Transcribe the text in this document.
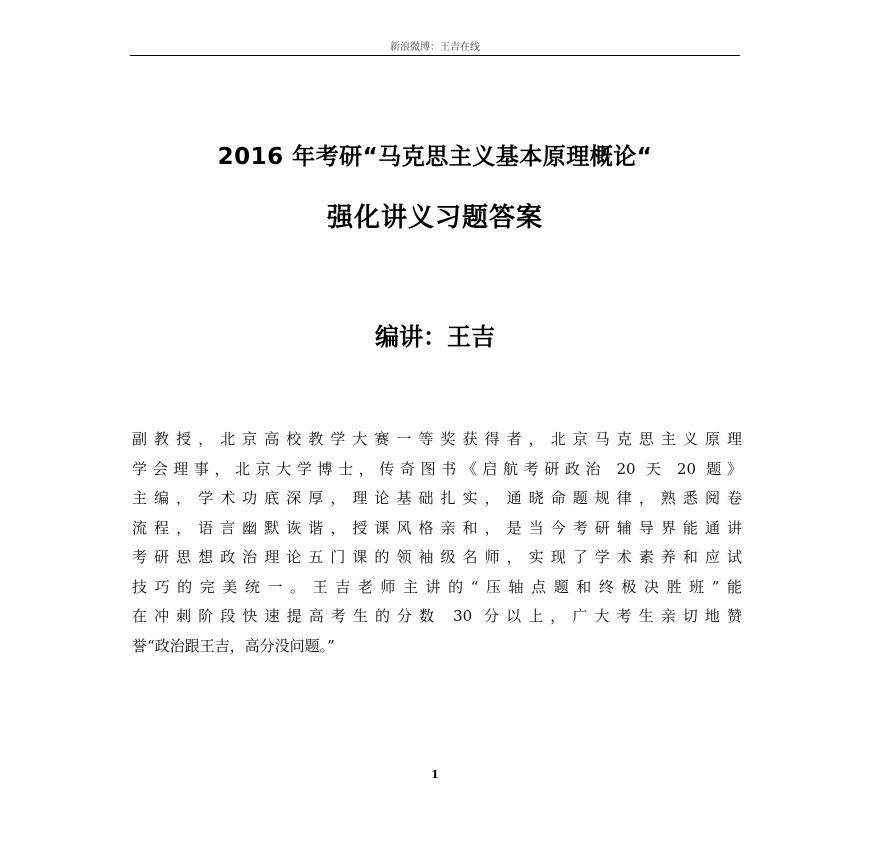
新浪微博：王吉在线
2016 年考研“马克思主义基本原理概论“
强化讲义习题答案
编讲：王吉
副教授，北京高校教学大赛一等奖获得者，北京马克思主义原理
学会理事，北京大学博士，传奇图书《启航考研政治 20 天 20 题》
主编，学术功底深厚，理论基础扎实，通晓命题规律，熟悉阅卷
流程，语言幽默诙谐，授课风格亲和，是当今考研辅导界能通讲
考研思想政治理论五门课的领袖级名师，实现了学术素养和应试
技巧的完美统一。王吉老师主讲的“压轴点题和终极决胜班”能
在冲刺阶段快速提高考生的分数 30 分以上，广大考生亲切地赞
誉“政治跟王吉，高分没问题。”
1
